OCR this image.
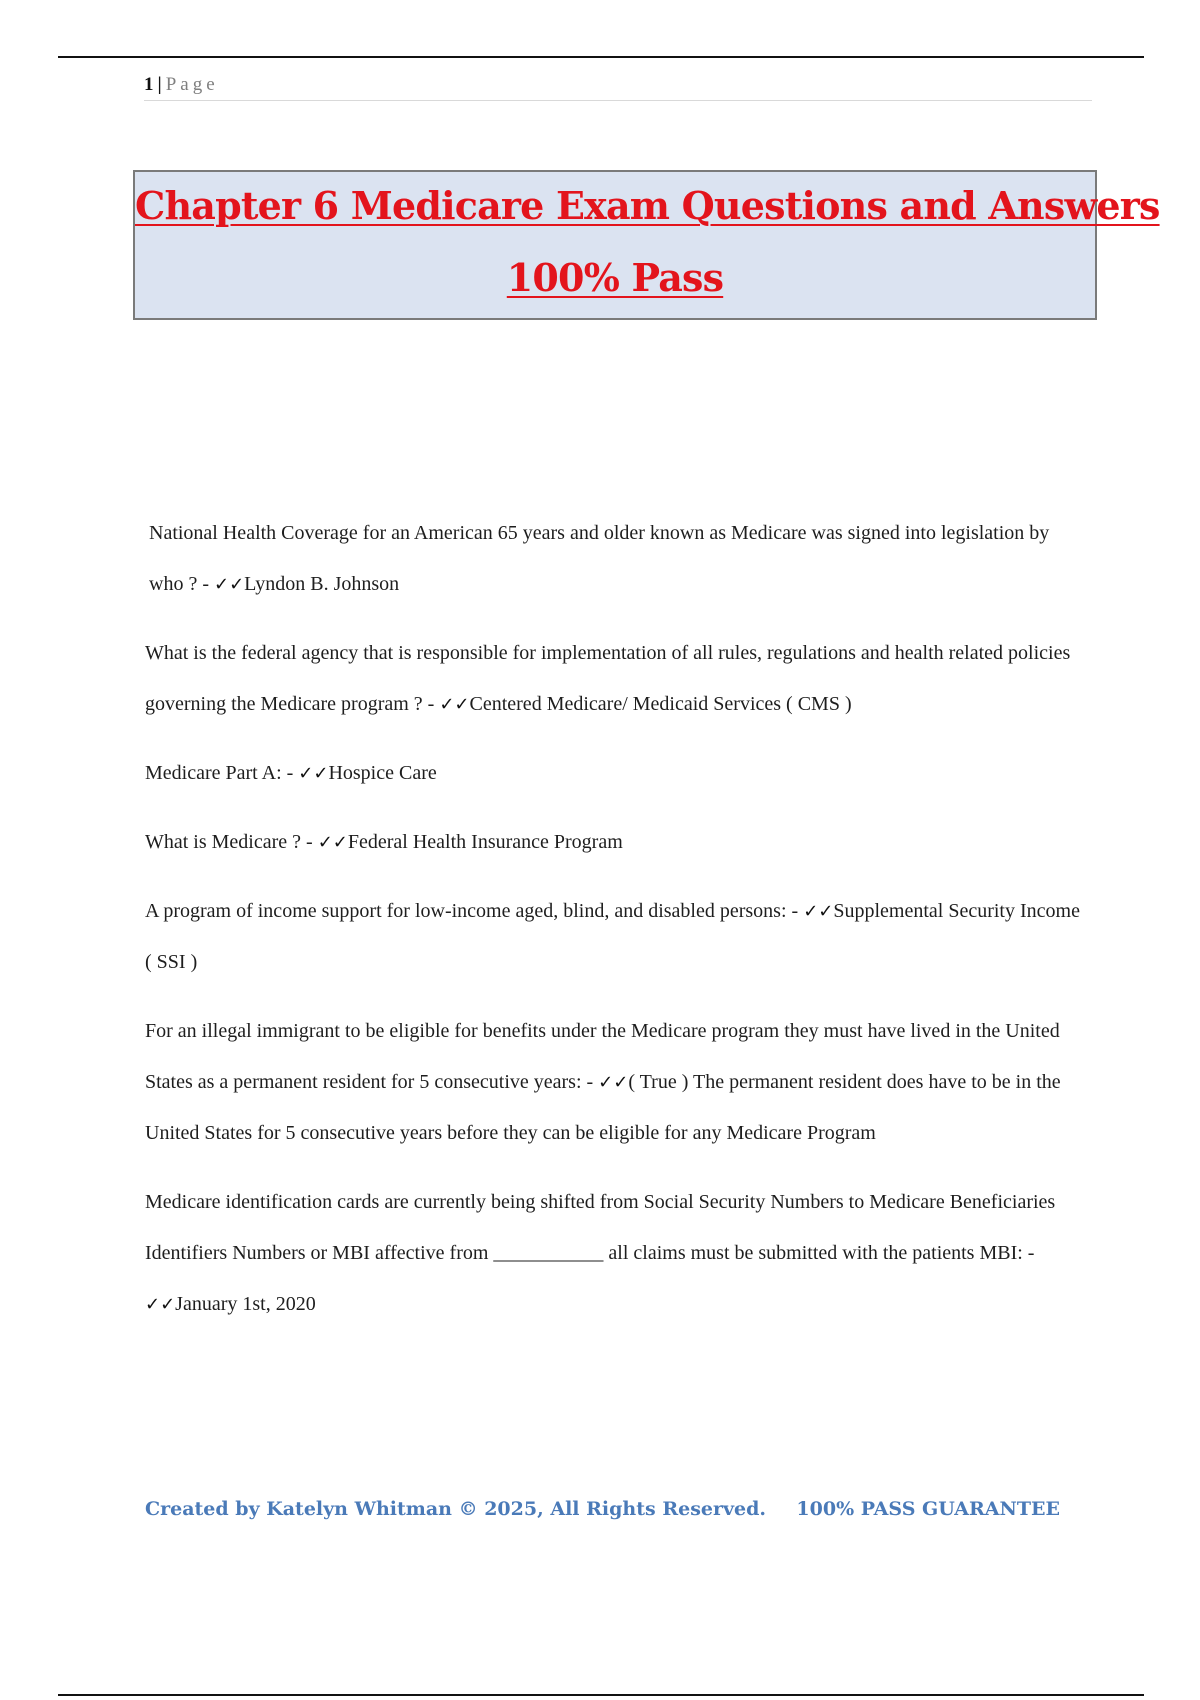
1 | Page
Chapter 6 Medicare Exam Questions and Answers
100% Pass

National Health Coverage for an American 65 years and older known as Medicare was signed into legislation by who ? - ✓✓Lyndon B. Johnson

What is the federal agency that is responsible for implementation of all rules, regulations and health related policies governing the Medicare program ? - ✓✓Centered Medicare/ Medicaid Services ( CMS )

Medicare Part A: - ✓✓Hospice Care

What is Medicare ? - ✓✓Federal Health Insurance Program

A program of income support for low-income aged, blind, and disabled persons: - ✓✓Supplemental Security Income ( SSI )

For an illegal immigrant to be eligible for benefits under the Medicare program they must have lived in the United States as a permanent resident for 5 consecutive years: - ✓✓( True ) The permanent resident does have to be in the United States for 5 consecutive years before they can be eligible for any Medicare Program

Medicare identification cards are currently being shifted from Social Security Numbers to Medicare Beneficiaries Identifiers Numbers or MBI affective from ___________ all claims must be submitted with the patients MBI: - ✓✓January 1st, 2020

Created by Katelyn Whitman © 2025, All Rights Reserved. 100% PASS GUARANTEE
